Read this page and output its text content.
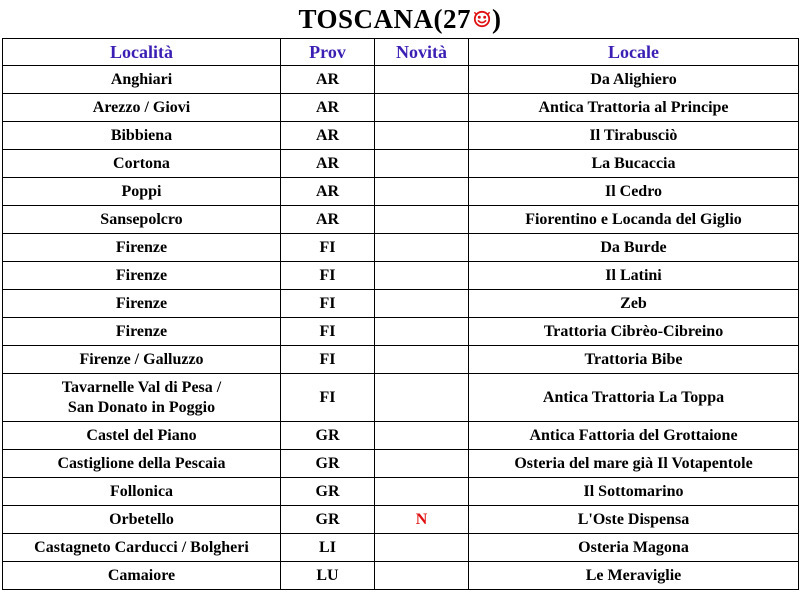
TOSCANA (27 )
Località	Prov	Novità	Locale
Anghiari	AR		Da Alighiero
Arezzo / Giovi	AR		Antica Trattoria al Principe
Bibbiena	AR		Il Tirabusciò
Cortona	AR		La Bucaccia
Poppi	AR		Il Cedro
Sansepolcro	AR		Fiorentino e Locanda del Giglio
Firenze	FI		Da Burde
Firenze	FI		Il Latini
Firenze	FI		Zeb
Firenze	FI		Trattoria Cibrèo-Cibreino
Firenze / Galluzzo	FI		Trattoria Bibe
Tavarnelle Val di Pesa /
San Donato in Poggio	FI		Antica Trattoria La Toppa
Castel del Piano	GR		Antica Fattoria del Grottaione
Castiglione della Pescaia	GR		Osteria del mare già Il Votapentole
Follonica	GR		Il Sottomarino
Orbetello	GR	N	L'Oste Dispensa
Castagneto Carducci / Bolgheri	LI		Osteria Magona
Camaiore	LU		Le Meraviglie
